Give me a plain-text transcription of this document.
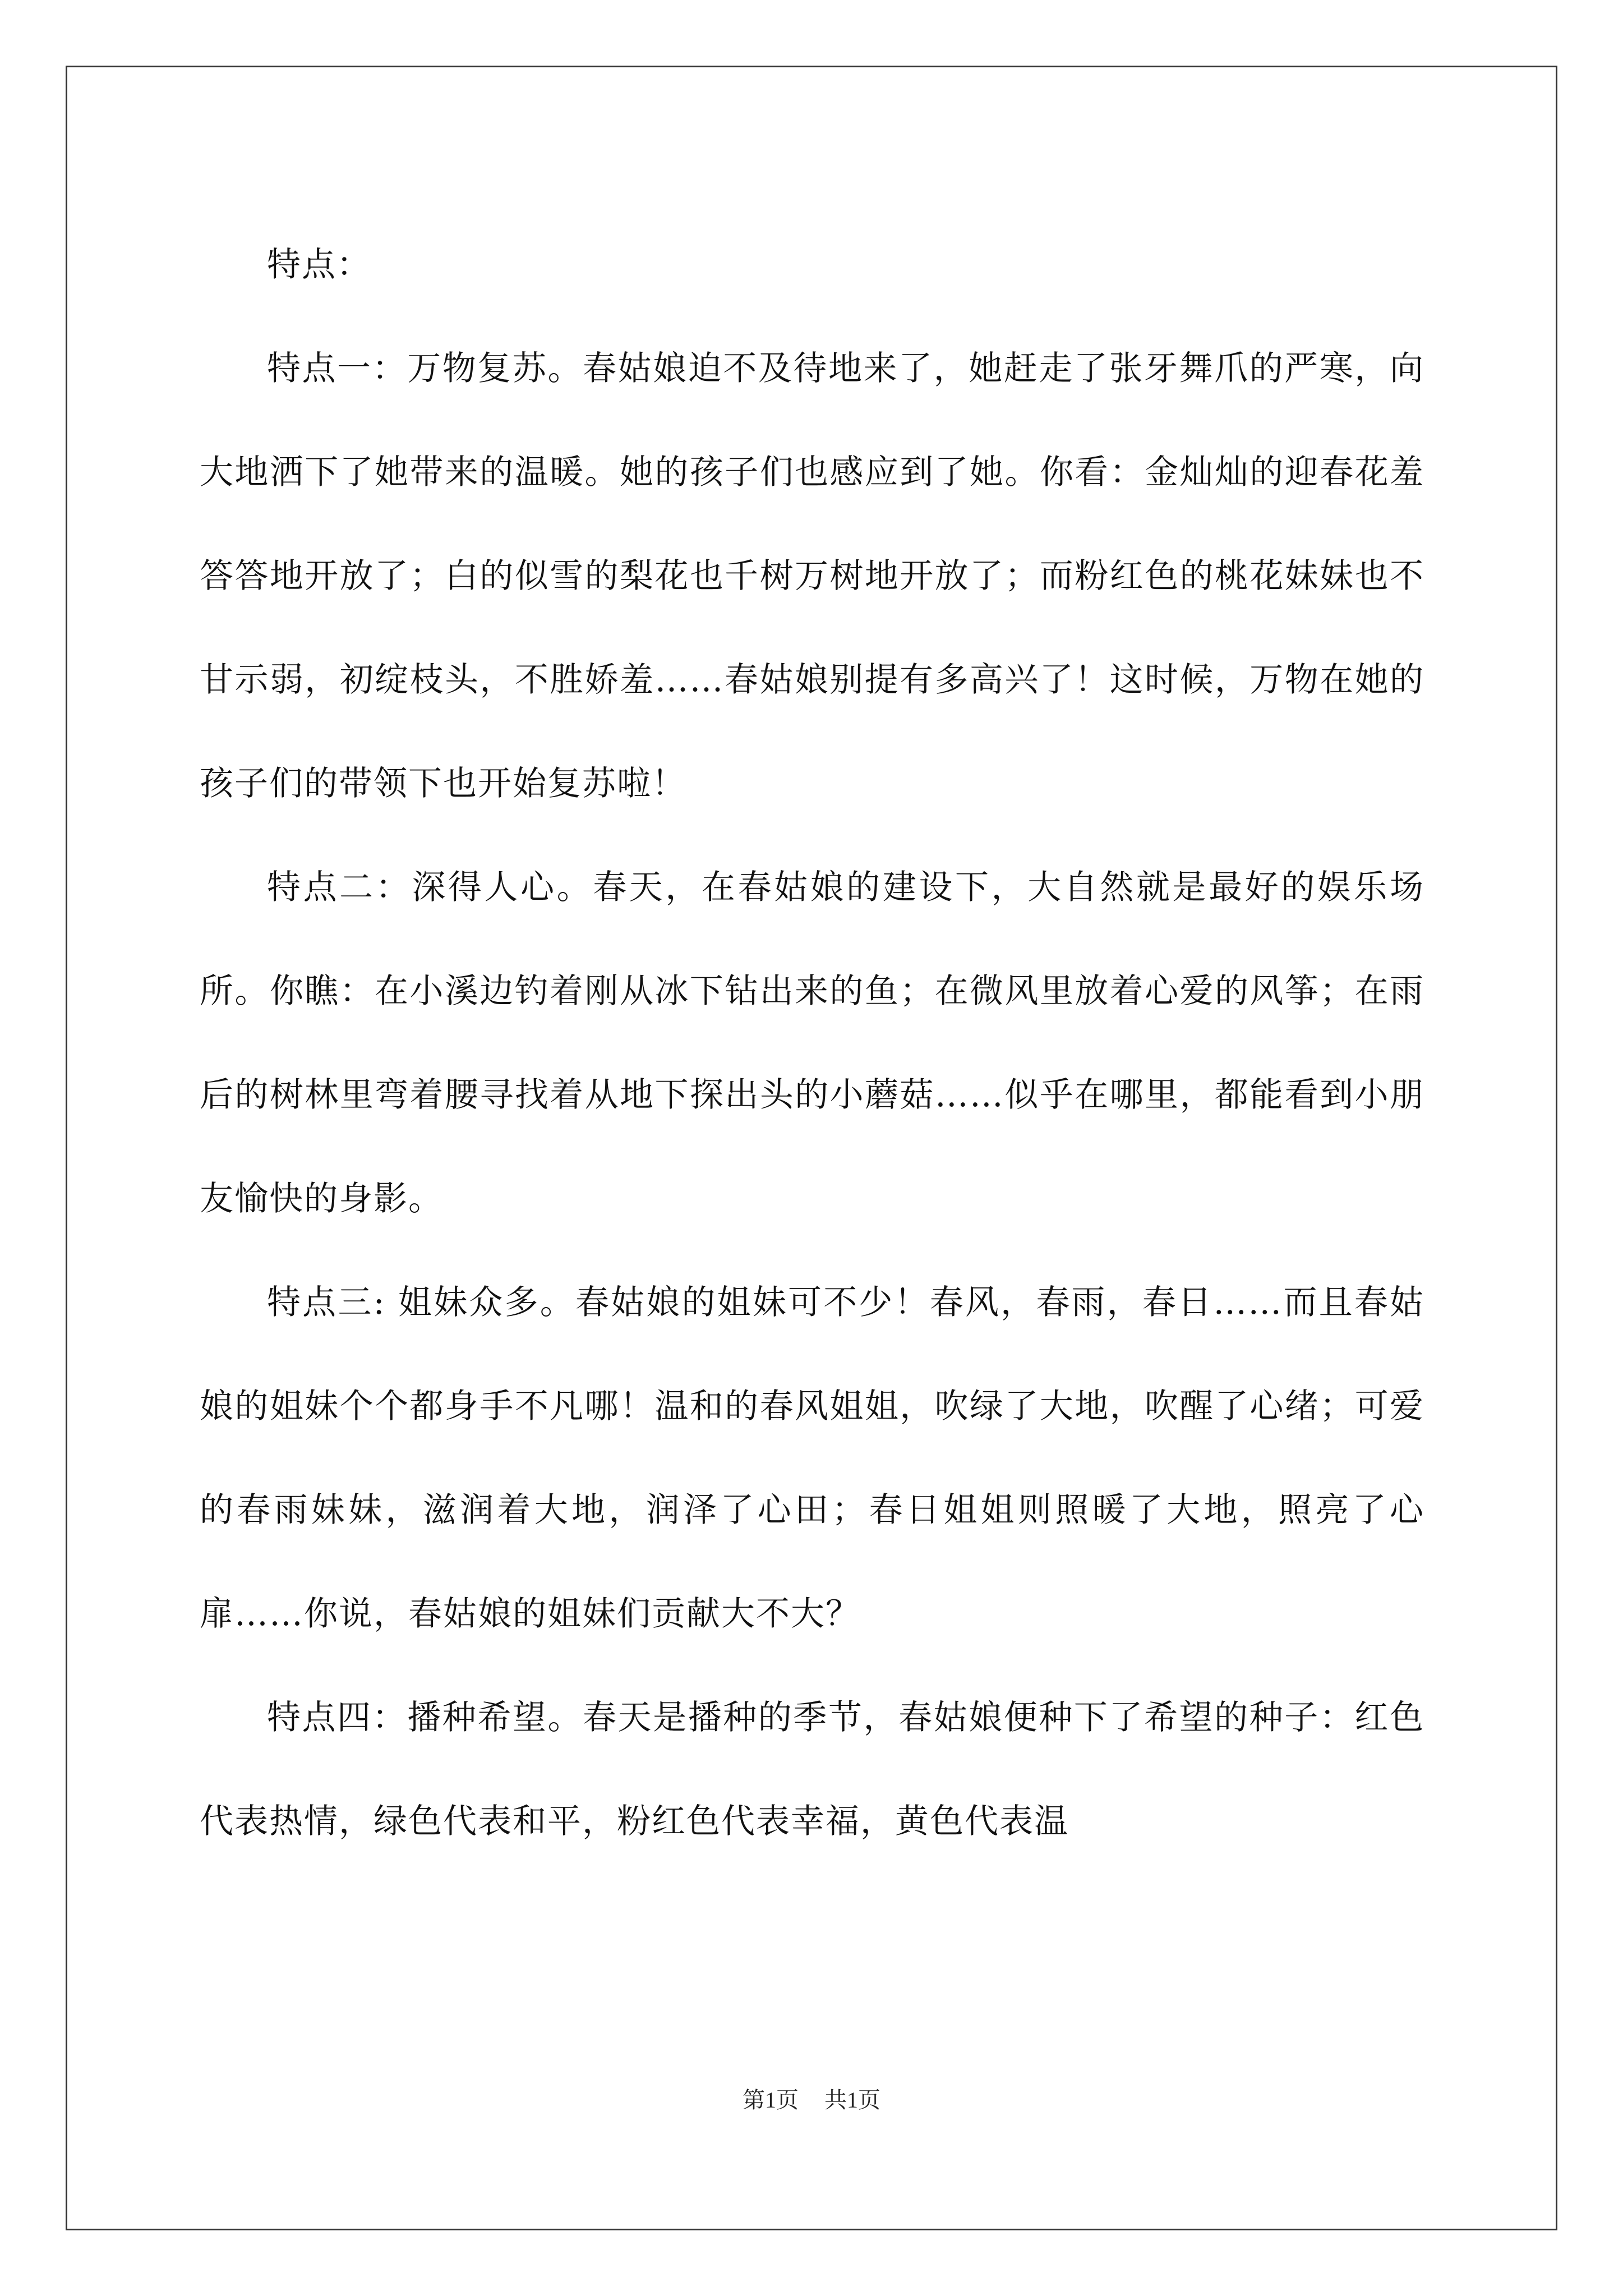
特点：

特点一：万物复苏。春姑娘迫不及待地来了，她赶走了张牙舞爪的严寒，向大地洒下了她带来的温暖。她的孩子们也感应到了她。你看：金灿灿的迎春花羞答答地开放了；白的似雪的梨花也千树万树地开放了；而粉红色的桃花妹妹也不甘示弱，初绽枝头，不胜娇羞……春姑娘别提有多高兴了！这时候，万物在她的孩子们的带领下也开始复苏啦！

特点二：深得人心。春天，在春姑娘的建设下，大自然就是最好的娱乐场所。你瞧：在小溪边钓着刚从冰下钻出来的鱼；在微风里放着心爱的风筝；在雨后的树林里弯着腰寻找着从地下探出头的小蘑菇……似乎在哪里，都能看到小朋友愉快的身影。

特点三: 姐妹众多。春姑娘的姐妹可不少！春风，春雨，春日……而且春姑娘的姐妹个个都身手不凡哪！温和的春风姐姐，吹绿了大地，吹醒了心绪；可爱的春雨妹妹，滋润着大地，润泽了心田；春日姐姐则照暖了大地，照亮了心扉……你说，春姑娘的姐妹们贡献大不大？

特点四：播种希望。春天是播种的季节，春姑娘便种下了希望的种子：红色代表热情，绿色代表和平，粉红色代表幸福，黄色代表温

第1页 共1页
